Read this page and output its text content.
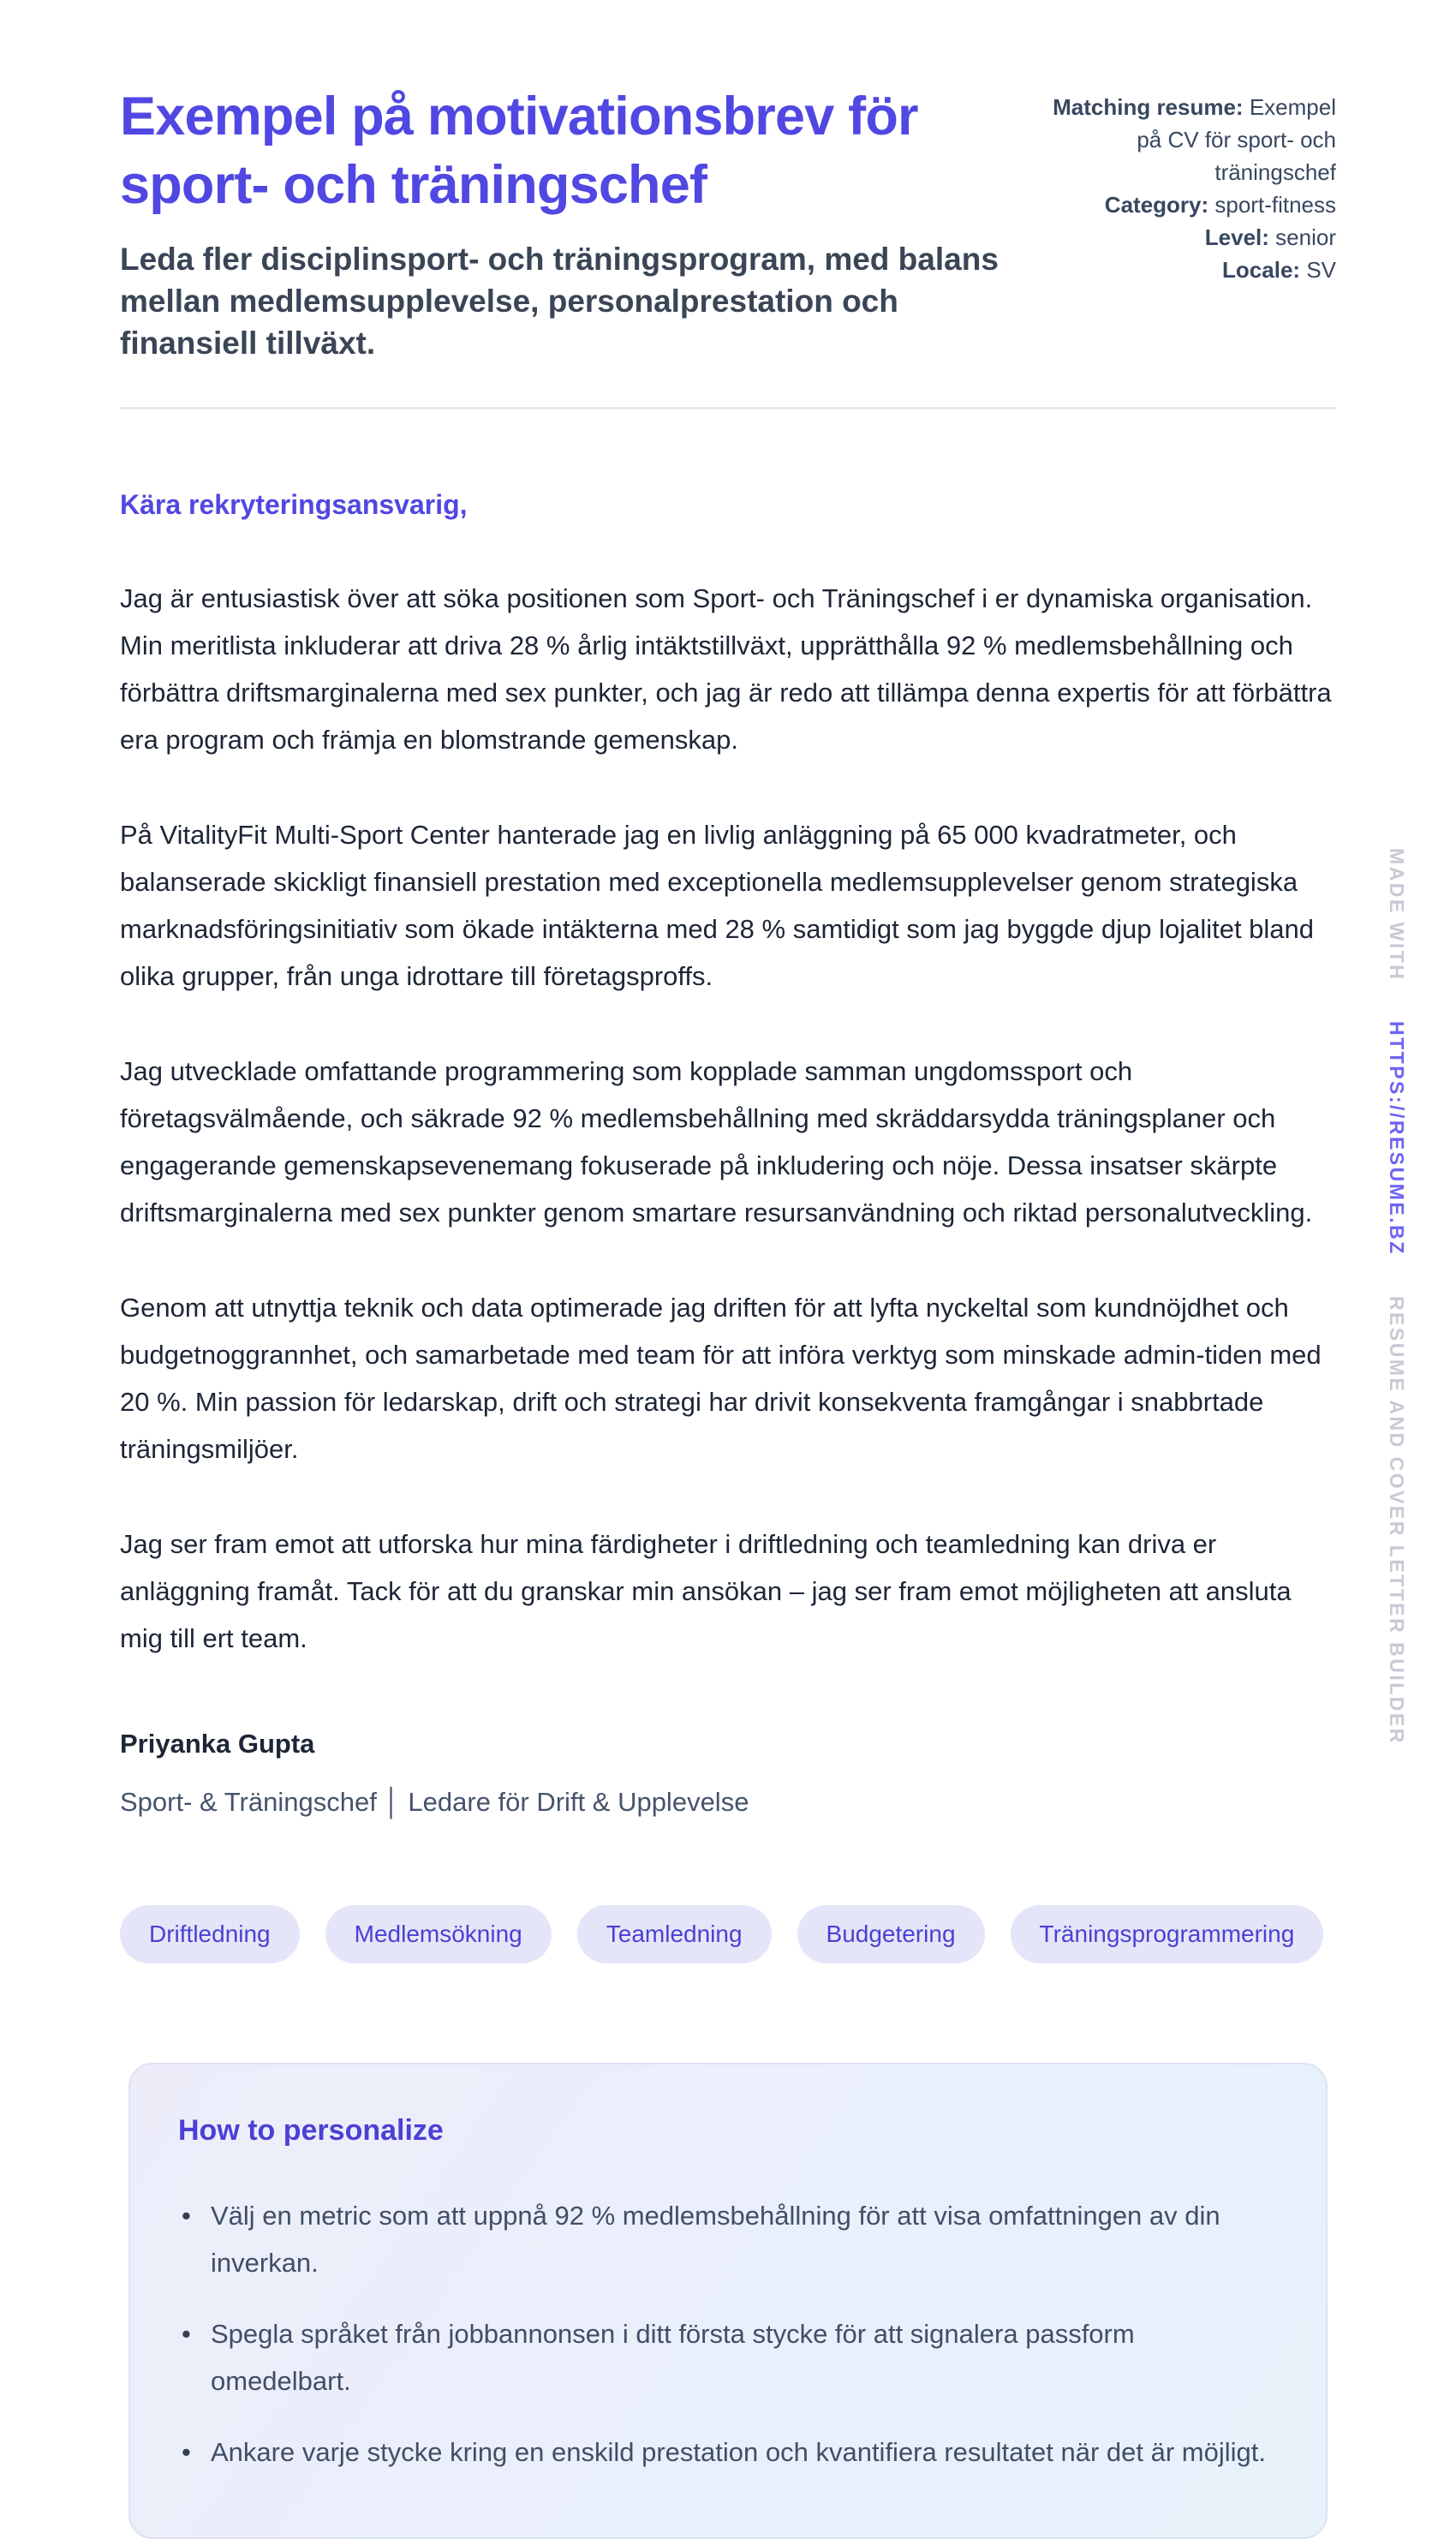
MADE WITH HTTPS://RESUME.BZ RESUME AND COVER LETTER BUILDER
Exempel på motivationsbrev för sport- och träningschef

Leda fler disciplinsport- och träningsprogram, med balans mellan medlemsupplevelse, personalprestation och finansiell tillväxt.

Matching resume: Exempel på CV för sport- och träningschef
Category: sport-fitness
Level: senior
Locale: SV

Kära rekryteringsansvarig,

Jag är entusiastisk över att söka positionen som Sport- och Träningschef i er dynamiska organisation. Min meritlista inkluderar att driva 28 % årlig intäktstillväxt, upprätthålla 92 % medlemsbehållning och förbättra driftsmarginalerna med sex punkter, och jag är redo att tillämpa denna expertis för att förbättra era program och främja en blomstrande gemenskap.

På VitalityFit Multi-Sport Center hanterade jag en livlig anläggning på 65 000 kvadratmeter, och balanserade skickligt finansiell prestation med exceptionella medlemsupplevelser genom strategiska marknadsföringsinitiativ som ökade intäkterna med 28 % samtidigt som jag byggde djup lojalitet bland olika grupper, från unga idrottare till företagsproffs.

Jag utvecklade omfattande programmering som kopplade samman ungdomssport och företagsvälmående, och säkrade 92 % medlemsbehållning med skräddarsydda träningsplaner och engagerande gemenskapsevenemang fokuserade på inkludering och nöje. Dessa insatser skärpte driftsmarginalerna med sex punkter genom smartare resursanvändning och riktad personalutveckling.

Genom att utnyttja teknik och data optimerade jag driften för att lyfta nyckeltal som kundnöjdhet och budgetnoggrannhet, och samarbetade med team för att införa verktyg som minskade admin-tiden med 20 %. Min passion för ledarskap, drift och strategi har drivit konsekventa framgångar i snabbrtade träningsmiljöer.

Jag ser fram emot att utforska hur mina färdigheter i driftledning och teamledning kan driva er anläggning framåt. Tack för att du granskar min ansökan – jag ser fram emot möjligheten att ansluta mig till ert team.

Priyanka Gupta

Sport- & Träningschef │ Ledare för Drift & Upplevelse

Driftledning	Medlemsökning	Teamledning	Budgetering	Träningsprogrammering
How to personalize
• Välj en metric som att uppnå 92 % medlemsbehållning för att visa omfattningen av din inverkan.
• Spegla språket från jobbannonsen i ditt första stycke för att signalera passform omedelbart.
• Ankare varje stycke kring en enskild prestation och kvantifiera resultatet när det är möjligt.
